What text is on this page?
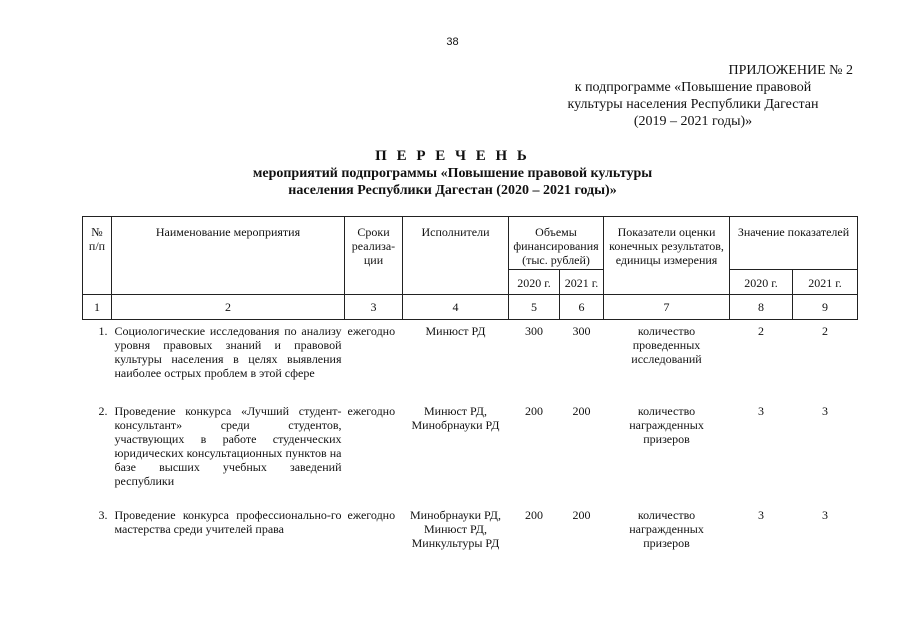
38
ПРИЛОЖЕНИЕ № 2
к подпрограмме «Повышение правовой
культуры населения Республики Дагестан
(2019 – 2021 годы)»
П Е Р Е Ч Е Н Ь
мероприятий подпрограммы «Повышение правовой культуры
населения Республики Дагестан (2020 – 2021 годы)»
№ п/п	Наименование мероприятия	Сроки реализа-ции	Исполнители	Объемы финансирования (тыс. рублей)		Показатели оценки конечных результатов, единицы измерения	Значение показателей	
				2020 г.	2021 г.		2020 г.	2021 г.
1	2	3	4	5	6	7	8	9
1.	Социологические исследования по анализу уровня правовых знаний и правовой культуры населения в целях выявления наиболее острых проблем в этой сфере	ежегодно	Минюст РД	300	300	количество проведенных исследований	2	2
2.	Проведение конкурса «Лучший студент-консультант» среди студентов, участвующих в работе студенческих юридических консультационных пунктов на базе высших учебных заведений республики	ежегодно	Минюст РД, Минобрнауки РД	200	200	количество награжденных призеров	3	3
3.	Проведение конкурса профессионально-го мастерства среди учителей права	ежегодно	Минобрнауки РД, Минюст РД, Минкультуры РД	200	200	количество награжденных призеров	3	3
